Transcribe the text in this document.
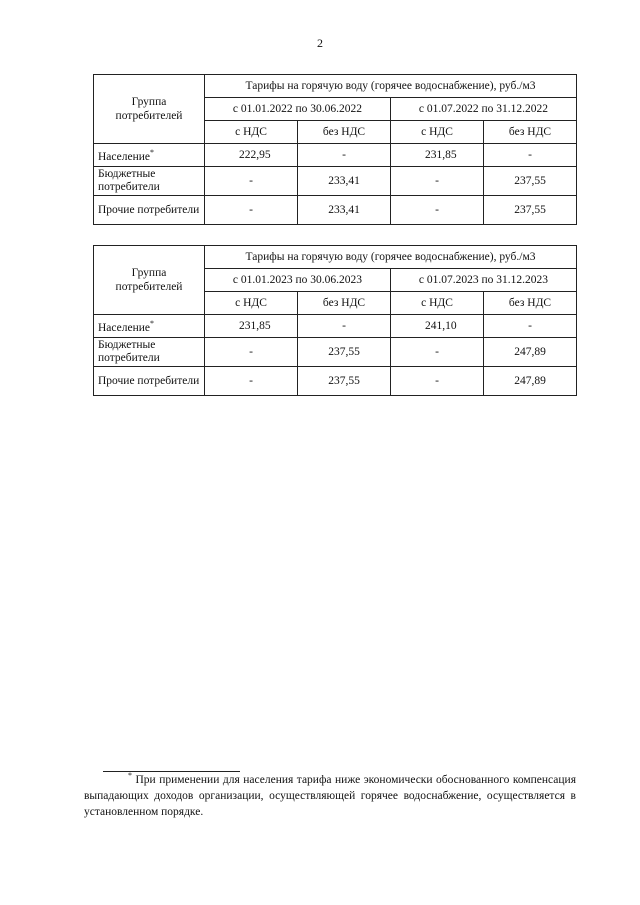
2
Группа потребителей	Тарифы на горячую воду (горячее водоснабжение), руб./м3			
	с 01.01.2022 по 30.06.2022		с 01.07.2022 по 31.12.2022	
	с НДС	без НДС	с НДС	без НДС
Население*	222,95	-	231,85	-
Бюджетные потребители	-	233,41	-	237,55
Прочие потребители	-	233,41	-	237,55
Группа потребителей	Тарифы на горячую воду (горячее водоснабжение), руб./м3			
	с 01.01.2023 по 30.06.2023		с 01.07.2023 по 31.12.2023	
	с НДС	без НДС	с НДС	без НДС
Население*	231,85	-	241,10	-
Бюджетные потребители	-	237,55	-	247,89
Прочие потребители	-	237,55	-	247,89
* При применении для населения тарифа ниже экономически обоснованного компенсация выпадающих доходов организации, осуществляющей горячее водоснабжение, осуществляется в установленном порядке.
